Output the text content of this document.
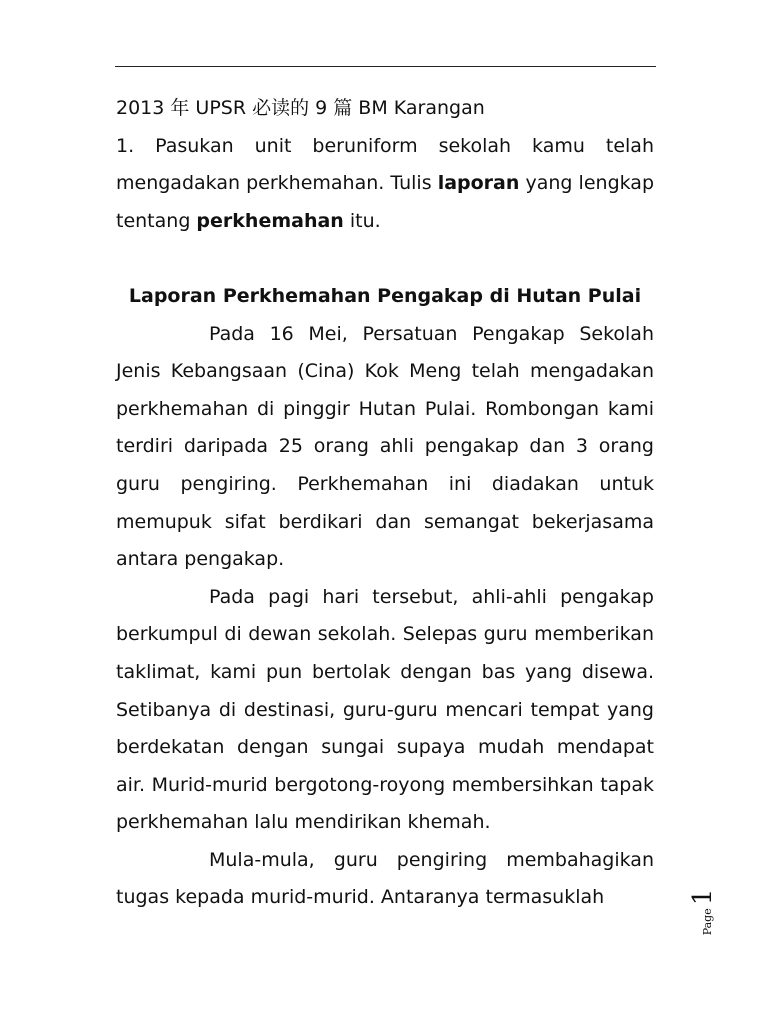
2013 年 UPSR 必读的 9 篇 BM Karangan

1. Pasukan unit beruniform sekolah kamu telah mengadakan perkhemahan. Tulis laporan yang lengkap tentang perkhemahan itu.

Laporan Perkhemahan Pengakap di Hutan Pulai

Pada 16 Mei, Persatuan Pengakap Sekolah Jenis Kebangsaan (Cina) Kok Meng telah mengadakan perkhemahan di pinggir Hutan Pulai. Rombongan kami terdiri daripada 25 orang ahli pengakap dan 3 orang guru pengiring. Perkhemahan ini diadakan untuk memupuk sifat berdikari dan semangat bekerjasama antara pengakap.

Pada pagi hari tersebut, ahli-ahli pengakap berkumpul di dewan sekolah. Selepas guru memberikan taklimat, kami pun bertolak dengan bas yang disewa. Setibanya di destinasi, guru-guru mencari tempat yang berdekatan dengan sungai supaya mudah mendapat air. Murid-murid bergotong-royong membersihkan tapak perkhemahan lalu mendirikan khemah.

Mula-mula, guru pengiring membahagikan tugas kepada murid-murid. Antaranya termasuklah

Page
1
